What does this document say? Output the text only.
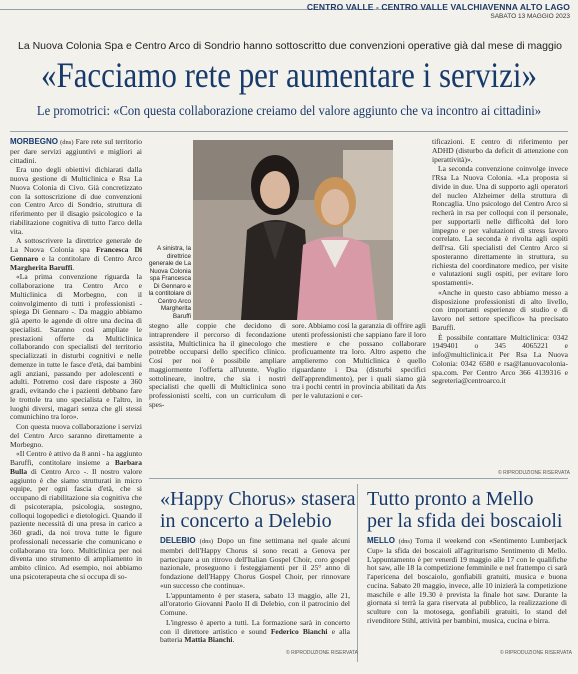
CENTRO VALLE - CENTRO VALLE VALCHIAVENNA ALTO LAGO
SABATO 13 MAGGIO 2023
La Nuova Colonia Spa e Centro Arco di Sondrio hanno sottoscritto due convenzioni operative già dal mese di maggio
«Facciamo rete per aumentare i servizi»
Le promotrici: «Con questa collaborazione creiamo del valore aggiunto che va incontro ai cittadini»

MORBEGNO (dns) Fare rete sul territorio per dare servizi aggiuntivi e migliori ai cittadini.

Era uno degli obiettivi dichiarati dalla nuova gestione di Multiclinica e Rsa La Nuova Colonia di Civo. Già concretizzato con la sottoscrizione di due convenzioni con Centro Arco di Sondrio, struttura di riferimento per il disagio psicologico e la riabilitazione cognitiva di tutto l'arco della vita.

A sottoscrivere la direttrice generale de La Nuova Colonia spa Francesca Di Gennaro e la contitolare di Centro Arco Margherita Baruffi.

«La prima convenzione riguarda la collaborazione tra Centro Arco e Multiclinica di Morbegno, con il coinvolgimento di tutti i professionisti - spiega Di Gennaro -. Da maggio abbiamo già aperto le agende di oltre una decina di specialisti. Saranno così ampliate le prestazioni offerte da Multiclinica collaborando con specialisti del territorio specializzati in disturbi cognitivi e nelle demenze in tutte le fasce d'età, dai bambini agli anziani, passando per adolescenti e adulti. Potremo così dare risposte a 360 gradi, evitando che i pazienti debbano fare le trottole tra uno specialista e l'altro, in luoghi diversi, magari senza che gli stessi comunichino tra loro».

Con questa nuova collaborazione i servizi del Centro Arco saranno direttamente a Morbegno.

«Il Centro è attivo da 8 anni - ha aggiunto Baruffi, contitolare insieme a Barbara Bulla di Centro Arco -. Il nostro valore aggiunto è che siamo strutturati in micro equipe, per ogni fascia d'età, che si occupano di riabilitazione sia cognitiva che di psicoterapia, psicologia, sostegno, colloqui logopedici e dietologici. Quando il paziente necessità di una presa in carico a 360 gradi, da noi trova tutte le figure professionali necessarie che comunicano e collaborano tra loro. Multiclinica per noi diventa uno strumento di ampliamento in ambito clinico. Ad esempio, noi abbiamo una psicoterapeuta che si occupa di so-

A sinistra, la direttrice generale de La Nuova Colonia spa Francesca Di Gennaro e la contitolare di Centro Arco Margherita Baruffi
stegno alle coppie che decidono di intraprendere il percorso di fecondazione assistita, Multiclinica ha il ginecologo che potrebbe occuparsi dello specifico clinico. Così per noi è possibile ampliare maggiormente l'offerta all'utente. Voglio sottolineare, inoltre, che sia i nostri specialisti che quelli di Multiclinica sono professionisti scelti, con un curriculum di spes-
sore. Abbiamo così la garanzia di offrire agli utenti professionisti che sappiano fare il loro mestiere e che possano collaborare proficuamente tra loro. Altro aspetto che amplieremo con Multiclinica è quello riguardante i Dsa (disturbi specifici dell'apprendimento), per i quali siamo già tra i pochi centri in provincia abilitati da Ats per le valutazioni e cer-

tificazioni. E centro di riferimento per ADHD (disturbo da deficit di attenzione con iperattività)».

La seconda convenzione coinvolge invece l'Rsa La Nuova Colonia. «La proposta si divide in due. Una di supporto agli operatori del nucleo Alzheimer della struttura di Roncaglia. Uno psicologo del Centro Arco si recherà in rsa per colloqui con il personale, per supportarli nelle difficoltà del loro impegno e per valutazioni di stress lavoro correlato. La seconda è rivolta agli ospiti dell'rsa. Gli specialisti del Centro Arco si sposteranno direttamente in struttura, su richiesta del coordinatore medico, per visite e valutazioni sugli ospiti, per evitare loro spostamenti».

«Anche in questo caso abbiamo messo a disposizione professionisti di alto livello, con importanti esperienze di studio e di lavoro nel settore specifico» ha precisato Baruffi.

È possibile contattare Multiclinica: 0342 1949401 o 345 4065221 e info@multiclinica.it Per Rsa La Nuova Colonia: 0342 6580 e rsa@lanuovacolonia-spa.com. Per Centro Arco 366 4139316 e segreteria@centroarco.it

© RIPRODUZIONE RISERVATA
«Happy Chorus» stasera
in concerto a Delebio

DELEBIO (dns) Dopo un fine settimana nel quale alcuni membri dell'Happy Chorus si sono recati a Genova per partecipare a un ritrovo dell'Italian Gospel Choir, coro gospel nazionale, proseguono i festeggiamenti per il 25° anno di fondazione dell'Happy Chorus Gospel Choir, per rinnovare «un successo che continua».

L'appuntamento è per stasera, sabato 13 maggio, alle 21, all'oratorio Giovanni Paolo II di Delebio, con il patrocinio del Comune.

L'ingresso è aperto a tutti. La formazione sarà in concerto con il direttore artistico e sound Federico Bianchi e alla batteria Mattia Bianchi.

© RIPRODUZIONE RISERVATA
Tutto pronto a Mello
per la sfida dei boscaioli

MELLO (dns) Torna il weekend con «Sentimento Lumberjack Cup» la sfida dei boscaioli all'agriturismo Sentimento di Mello. L'appuntamento è per venerdì 19 maggio alle 17 con le qualifiche hot saw, alle 18 la competizione femminile e nel frattempo ci sarà l'apericena del boscaiolo, gonfiabili gratuiti, musica e buona cucina. Sabato 20 maggio, invece, alle 10 inizierà la competizione maschile e alle 19.30 è prevista la finale hot saw. Durante la giornata si terrà la gara riservata al pubblico, la realizzazione di sculture con la motosega, gonfiabili gratuiti, lo stand del rivenditore Stihl, attività per bambini, musica, cucina e birra.

© RIPRODUZIONE RISERVATA
